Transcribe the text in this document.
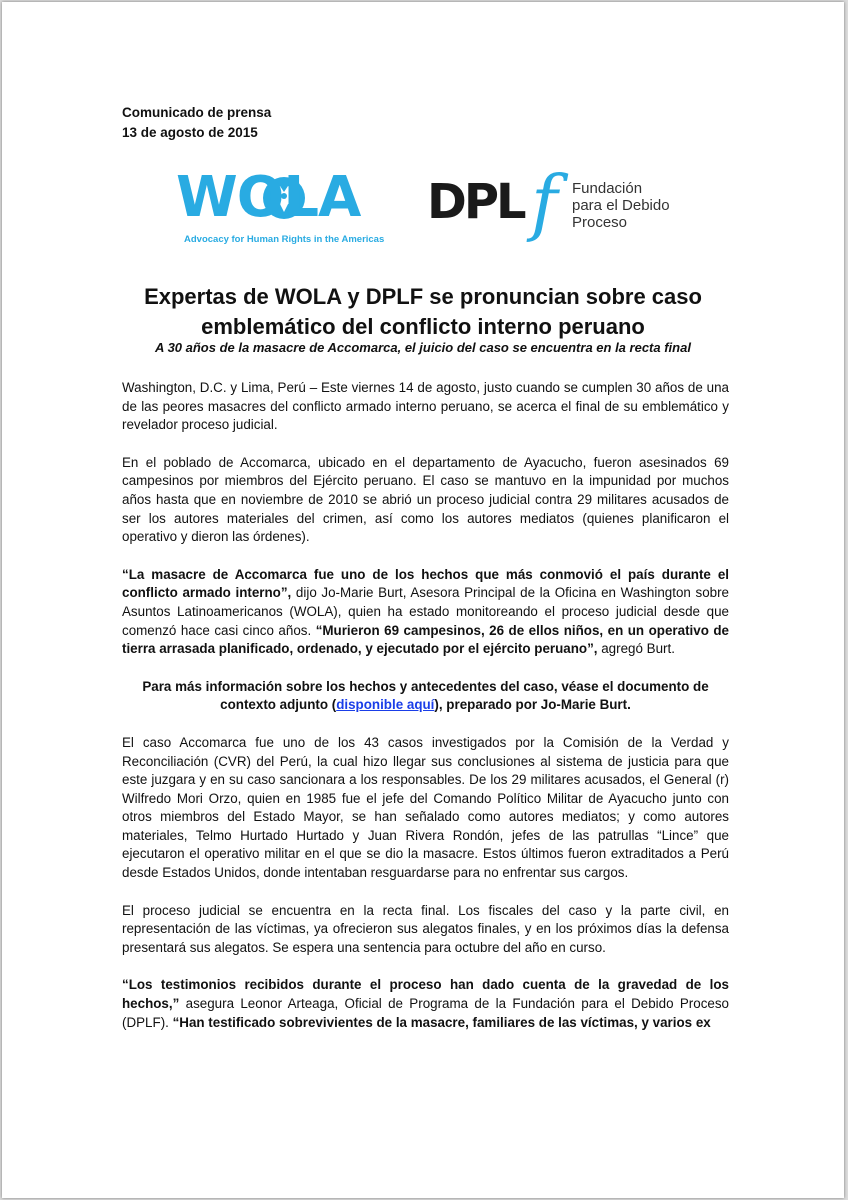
Comunicado de prensa
13 de agosto de 2015
WOLA
Advocacy for Human Rights in the Americas
DPL f Fundación
para el Debido
Proceso
Expertas de WOLA y DPLF se pronuncian sobre caso
emblemático del conflicto interno peruano
A 30 años de la masacre de Accomarca, el juicio del caso se encuentra en la recta final

Washington, D.C. y Lima, Perú – Este viernes 14 de agosto, justo cuando se cumplen 30 años de una de las peores masacres del conflicto armado interno peruano, se acerca el final de su emblemático y revelador proceso judicial.

En el poblado de Accomarca, ubicado en el departamento de Ayacucho, fueron asesinados 69 campesinos por miembros del Ejército peruano. El caso se mantuvo en la impunidad por muchos años hasta que en noviembre de 2010 se abrió un proceso judicial contra 29 militares acusados de ser los autores materiales del crimen, así como los autores mediatos (quienes planificaron el operativo y dieron las órdenes).

“La masacre de Accomarca fue uno de los hechos que más conmovió el país durante el conflicto armado interno”, dijo Jo-Marie Burt, Asesora Principal de la Oficina en Washington sobre Asuntos Latinoamericanos (WOLA), quien ha estado monitoreando el proceso judicial desde que comenzó hace casi cinco años. “Murieron 69 campesinos, 26 de ellos niños, en un operativo de tierra arrasada planificado, ordenado, y ejecutado por el ejército peruano”, agregó Burt.

Para más información sobre los hechos y antecedentes del caso, véase el documento de contexto adjunto (disponible aquí), preparado por Jo-Marie Burt.

El caso Accomarca fue uno de los 43 casos investigados por la Comisión de la Verdad y Reconciliación (CVR) del Perú, la cual hizo llegar sus conclusiones al sistema de justicia para que este juzgara y en su caso sancionara a los responsables. De los 29 militares acusados, el General (r) Wilfredo Mori Orzo, quien en 1985 fue el jefe del Comando Político Militar de Ayacucho junto con otros miembros del Estado Mayor, se han señalado como autores mediatos; y como autores materiales, Telmo Hurtado Hurtado y Juan Rivera Rondón, jefes de las patrullas “Lince” que ejecutaron el operativo militar en el que se dio la masacre. Estos últimos fueron extraditados a Perú desde Estados Unidos, donde intentaban resguardarse para no enfrentar sus cargos.

El proceso judicial se encuentra en la recta final. Los fiscales del caso y la parte civil, en representación de las víctimas, ya ofrecieron sus alegatos finales, y en los próximos días la defensa presentará sus alegatos. Se espera una sentencia para octubre del año en curso.

“Los testimonios recibidos durante el proceso han dado cuenta de la gravedad de los hechos,” asegura Leonor Arteaga, Oficial de Programa de la Fundación para el Debido Proceso (DPLF). “Han testificado sobrevivientes de la masacre, familiares de las víctimas, y varios ex
